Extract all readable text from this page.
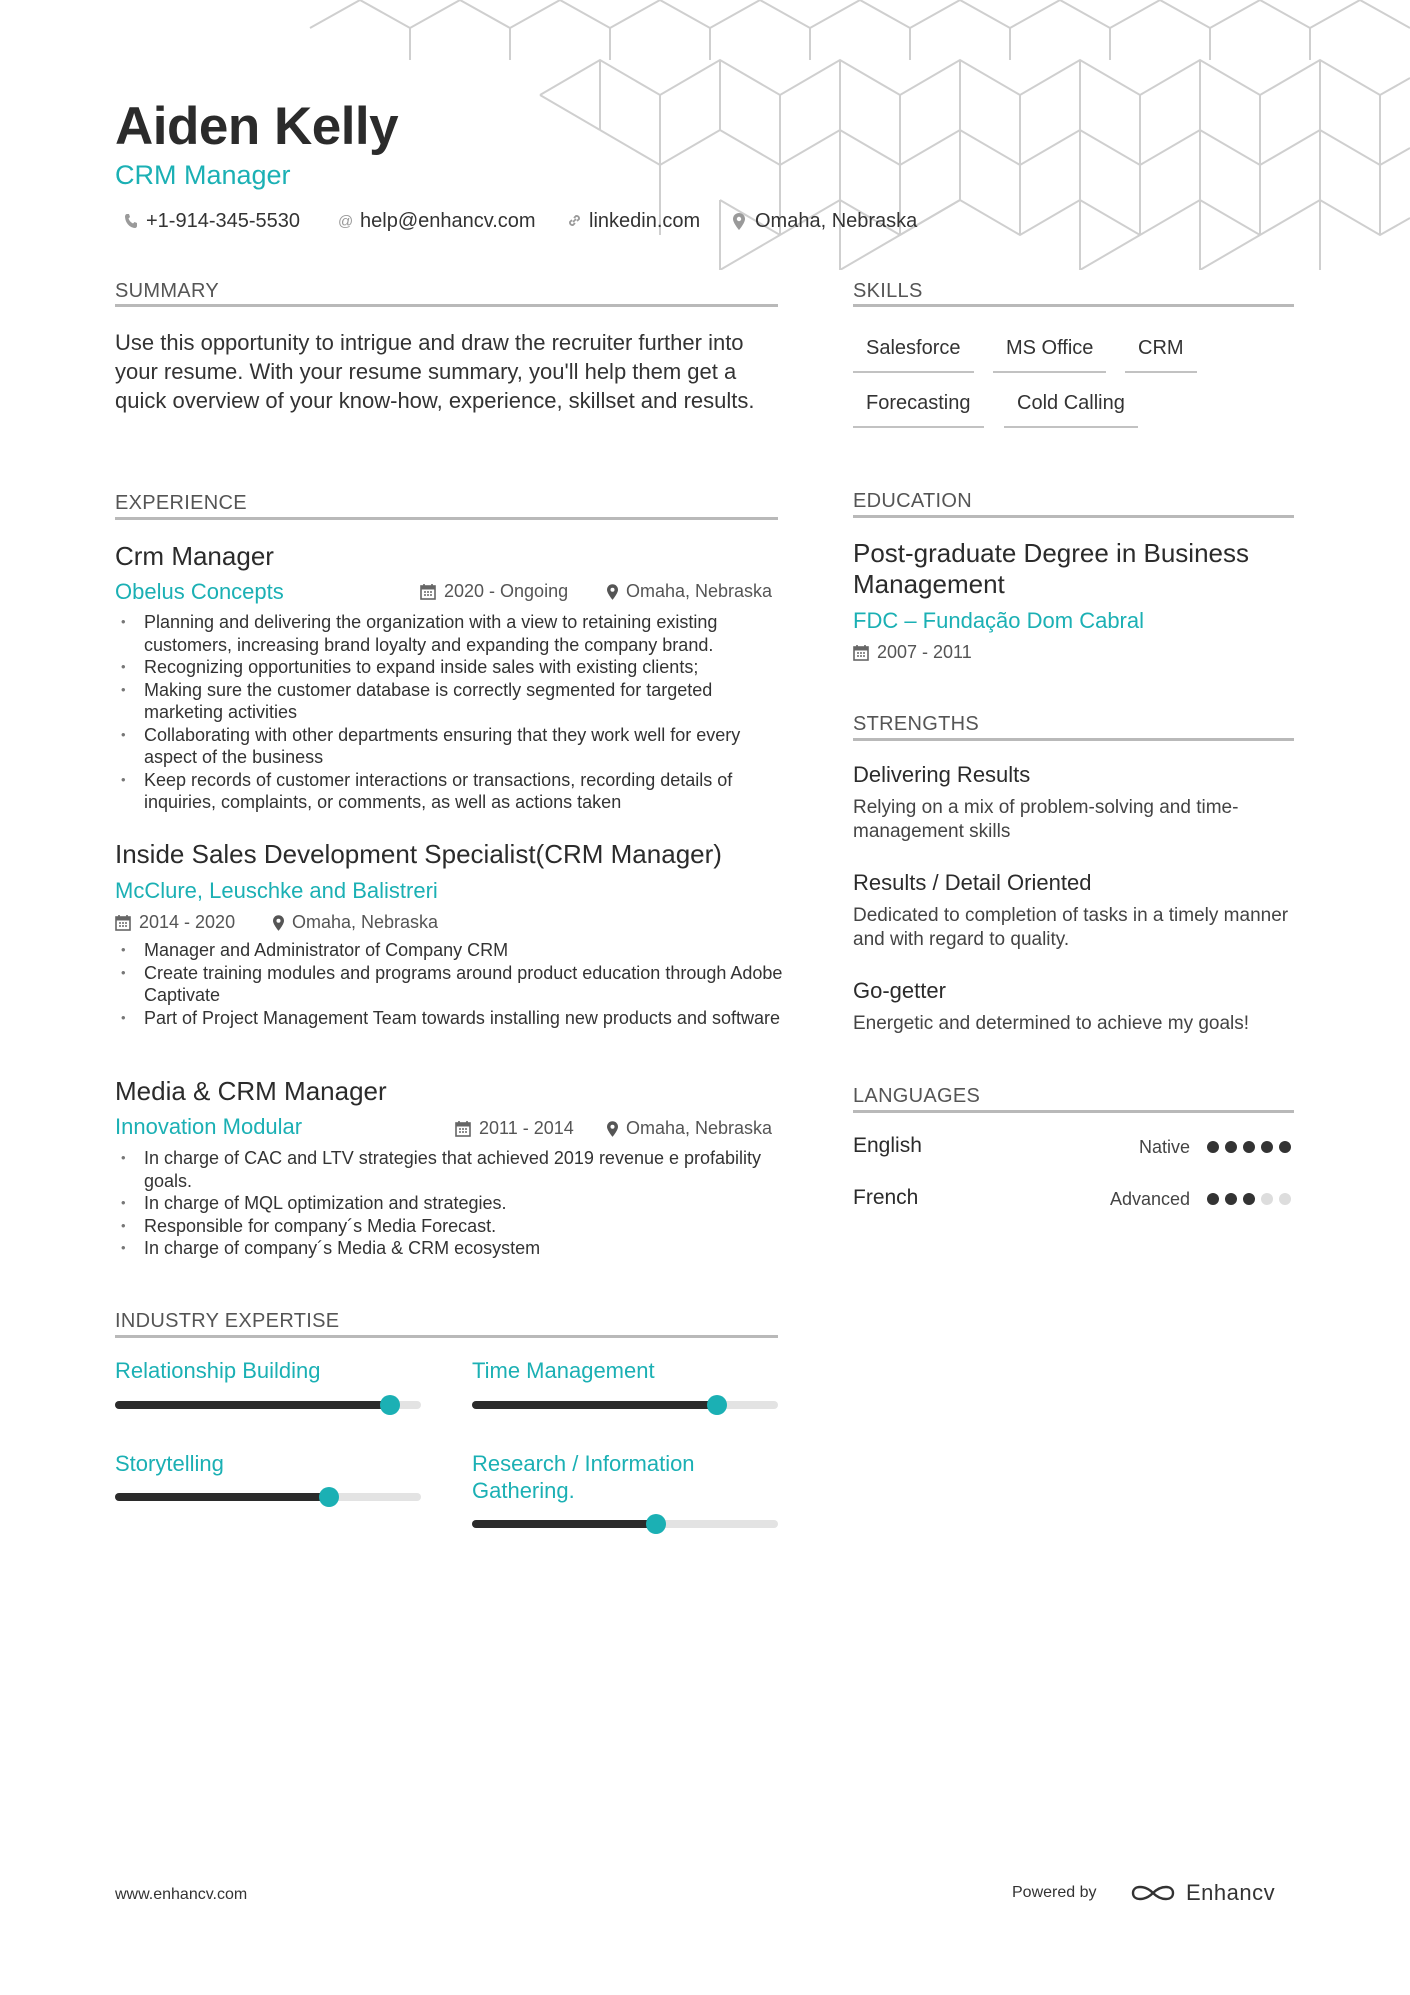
Aiden Kelly
CRM Manager
+1-914-345-5530	@ help@enhancv.com	linkedin.com	Omaha, Nebraska
SUMMARY
Use this opportunity to intrigue and draw the recruiter further into your resume. With your resume summary, you'll help them get a quick overview of your know-how, experience, skillset and results.
EXPERIENCE
Crm Manager
Obelus Concepts	2020 - Ongoing	Omaha, Nebraska
• Planning and delivering the organization with a view to retaining existing customers, increasing brand loyalty and expanding the company brand.
• Recognizing opportunities to expand inside sales with existing clients;
• Making sure the customer database is correctly segmented for targeted marketing activities
• Collaborating with other departments ensuring that they work well for every aspect of the business
• Keep records of customer interactions or transactions, recording details of inquiries, complaints, or comments, as well as actions taken
Inside Sales Development Specialist(CRM Manager)
McClure, Leuschke and Balistreri
2014 - 2020	Omaha, Nebraska
• Manager and Administrator of Company CRM
• Create training modules and programs around product education through Adobe Captivate
• Part of Project Management Team towards installing new products and software
Media & CRM Manager
Innovation Modular	2011 - 2014	Omaha, Nebraska
• In charge of CAC and LTV strategies that achieved 2019 revenue e profability goals.
• In charge of MQL optimization and strategies.
• Responsible for company´s Media Forecast.
• In charge of company´s Media & CRM ecosystem
INDUSTRY EXPERTISE
Relationship Building	Time Management
Storytelling	Research / Information Gathering.
SKILLS
Salesforce	MS Office	CRM
Forecasting	Cold Calling
EDUCATION
Post-graduate Degree in Business Management
FDC – Fundação Dom Cabral
2007 - 2011
STRENGTHS
Delivering Results
Relying on a mix of problem-solving and time-management skills
Results / Detail Oriented
Dedicated to completion of tasks in a timely manner and with regard to quality.
Go-getter
Energetic and determined to achieve my goals!
LANGUAGES
English	Native
French	Advanced
www.enhancv.com	Powered by	Enhancv
